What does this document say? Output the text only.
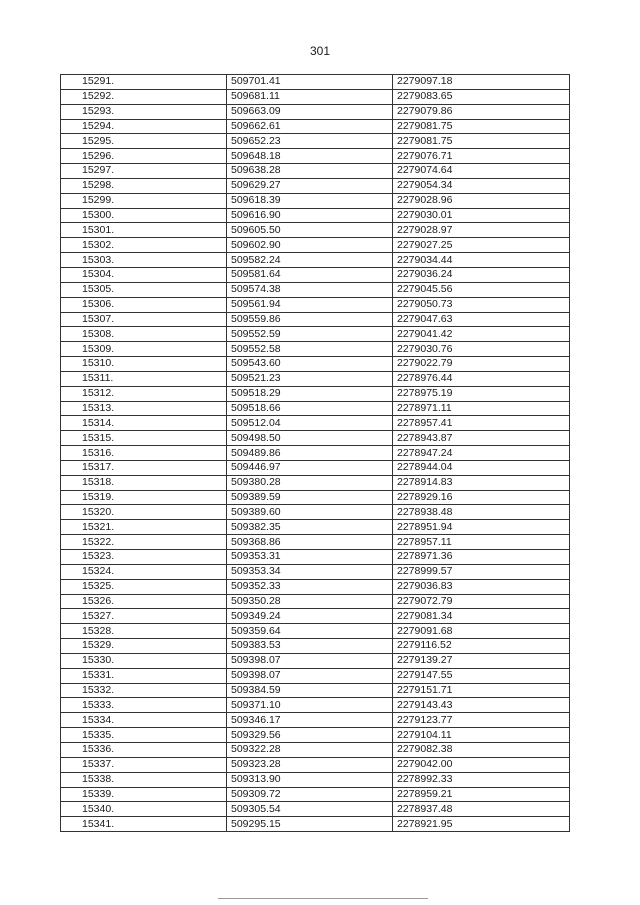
301
15291.	509701.41	2279097.18
15292.	509681.11	2279083.65
15293.	509663.09	2279079.86
15294.	509662.61	2279081.75
15295.	509652.23	2279081.75
15296.	509648.18	2279076.71
15297.	509638.28	2279074.64
15298.	509629.27	2279054.34
15299.	509618.39	2279028.96
15300.	509616.90	2279030.01
15301.	509605.50	2279028.97
15302.	509602.90	2279027.25
15303.	509582.24	2279034.44
15304.	509581.64	2279036.24
15305.	509574.38	2279045.56
15306.	509561.94	2279050.73
15307.	509559.86	2279047.63
15308.	509552.59	2279041.42
15309.	509552.58	2279030.76
15310.	509543.60	2279022.79
15311.	509521.23	2278976.44
15312.	509518.29	2278975.19
15313.	509518.66	2278971.11
15314.	509512.04	2278957.41
15315.	509498.50	2278943.87
15316.	509489.86	2278947.24
15317.	509446.97	2278944.04
15318.	509380.28	2278914.83
15319.	509389.59	2278929.16
15320.	509389.60	2278938.48
15321.	509382.35	2278951.94
15322.	509368.86	2278957.11
15323.	509353.31	2278971.36
15324.	509353.34	2278999.57
15325.	509352.33	2279036.83
15326.	509350.28	2279072.79
15327.	509349.24	2279081.34
15328.	509359.64	2279091.68
15329.	509383.53	2279116.52
15330.	509398.07	2279139.27
15331.	509398.07	2279147.55
15332.	509384.59	2279151.71
15333.	509371.10	2279143.43
15334.	509346.17	2279123.77
15335.	509329.56	2279104.11
15336.	509322.28	2279082.38
15337.	509323.28	2279042.00
15338.	509313.90	2278992.33
15339.	509309.72	2278959.21
15340.	509305.54	2278937.48
15341.	509295.15	2278921.95
